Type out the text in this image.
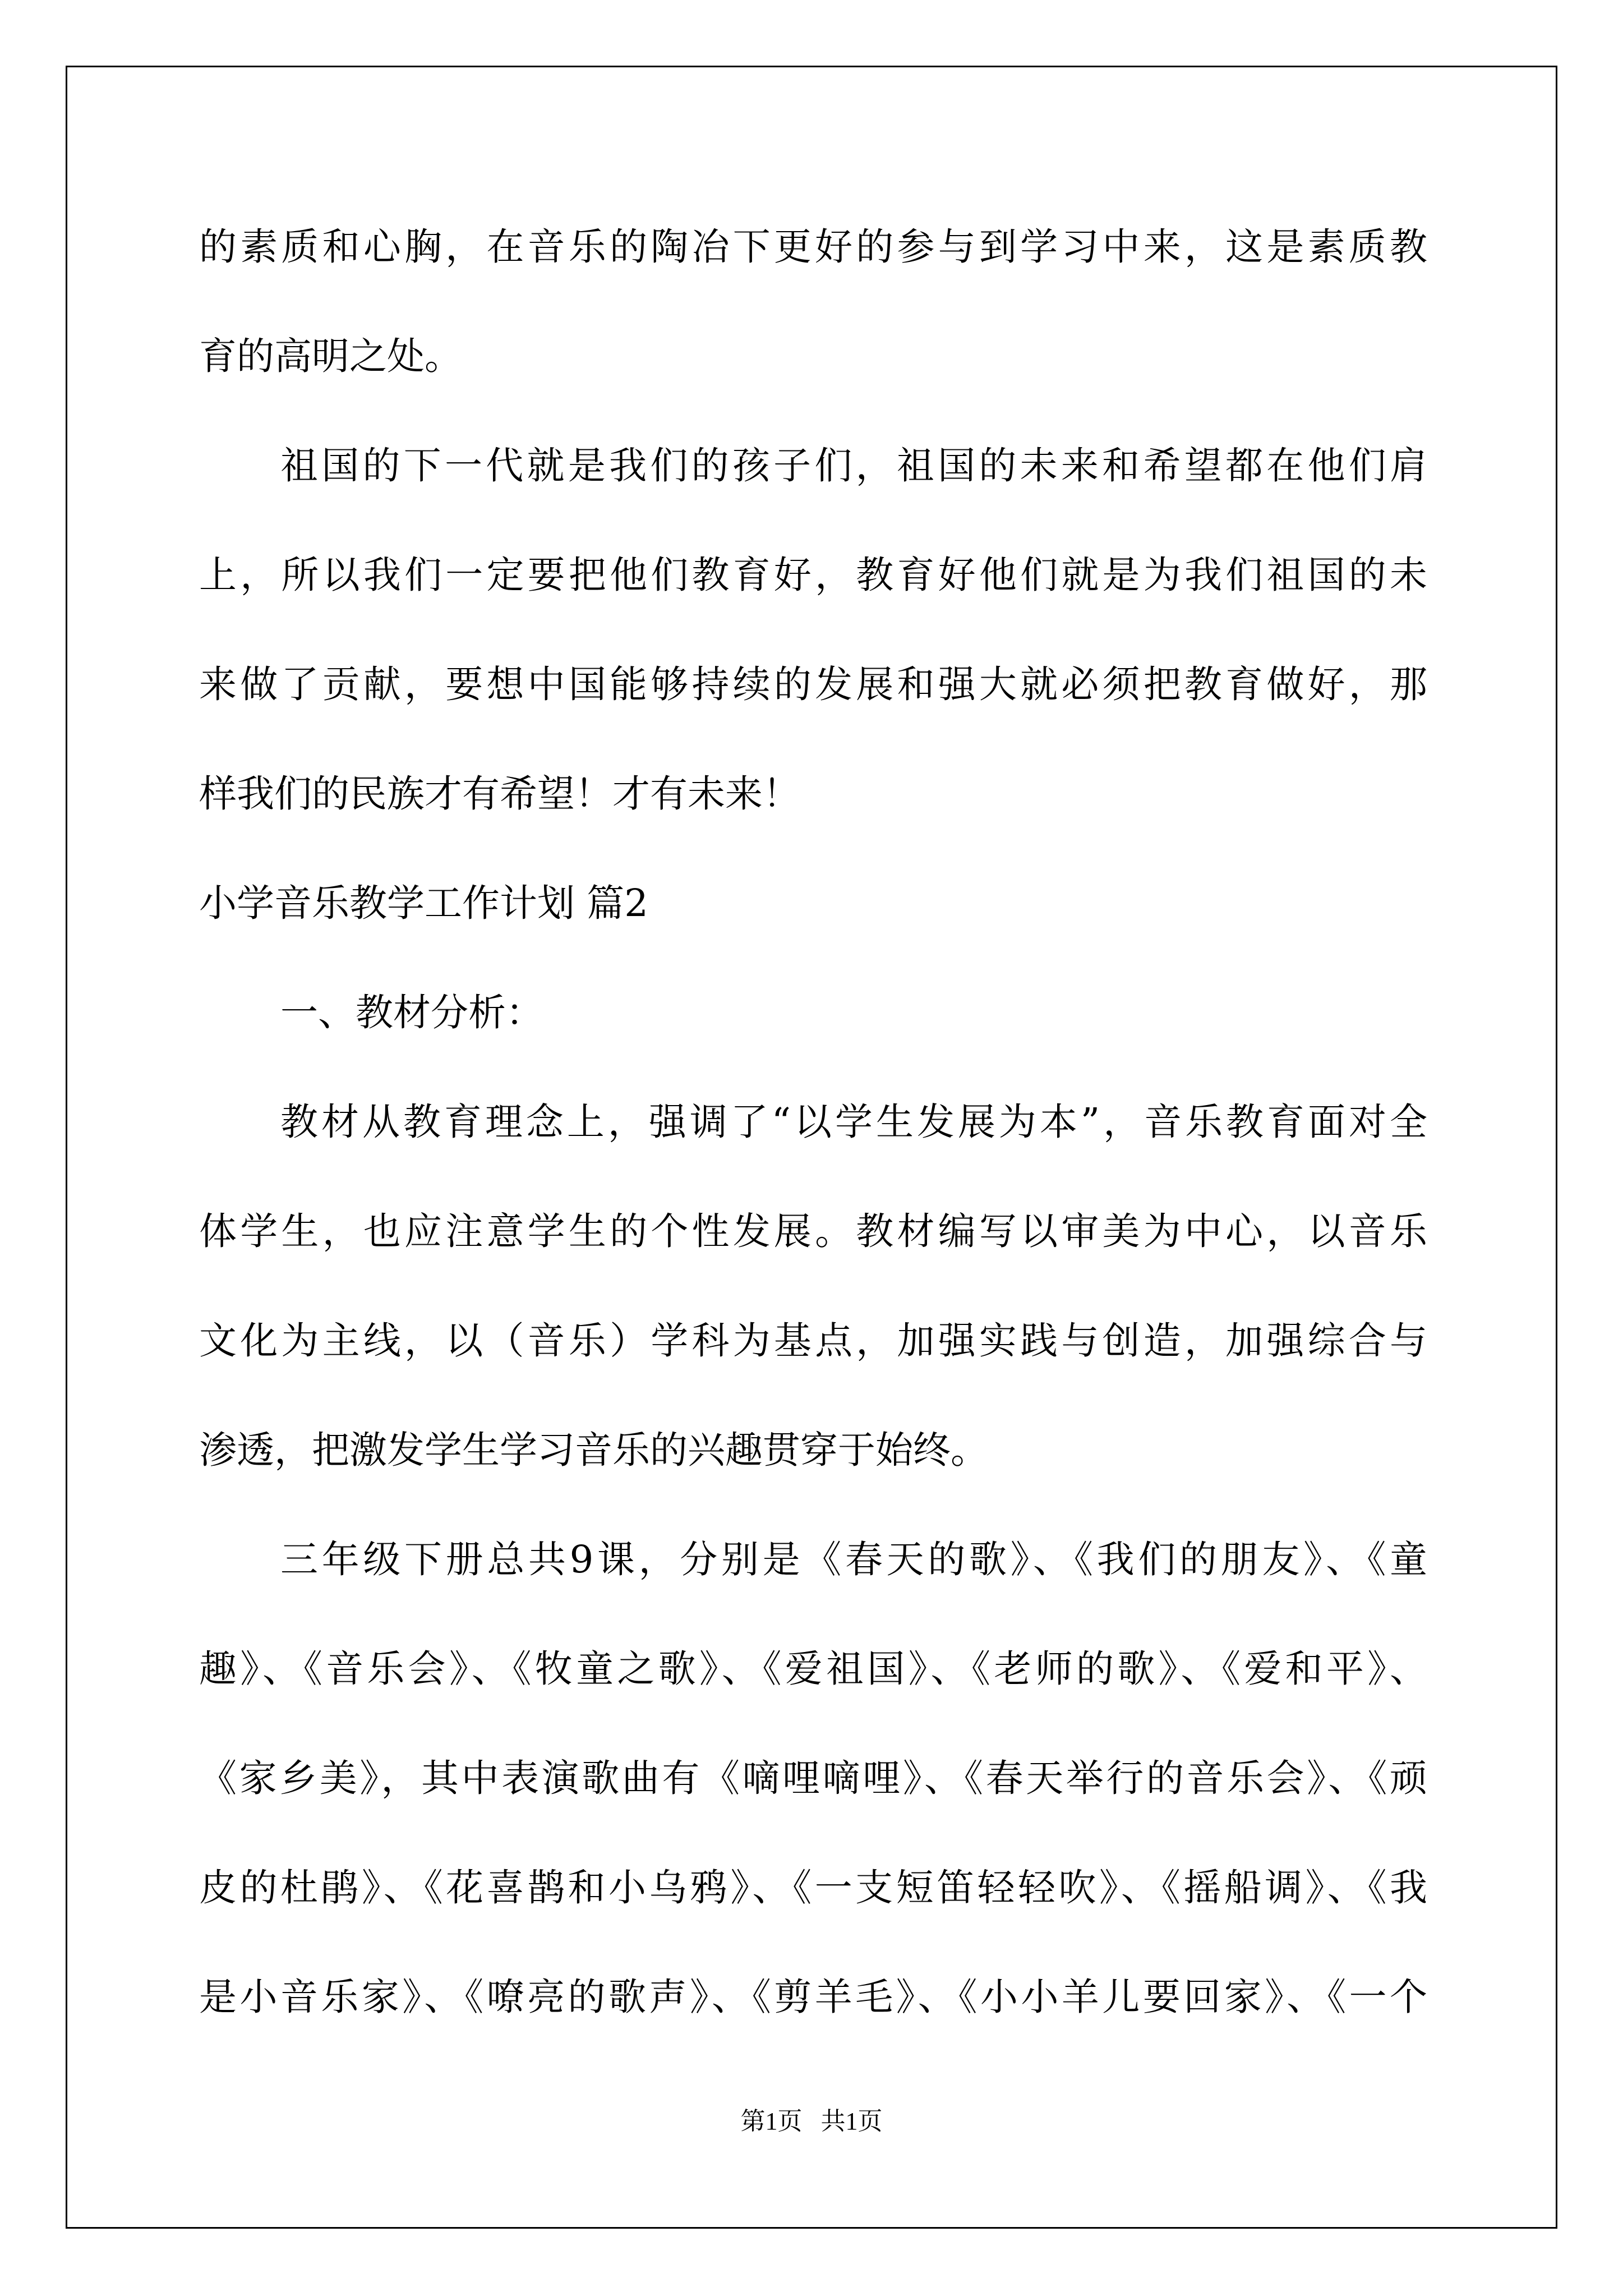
的素质和心胸，在音乐的陶冶下更好的参与到学习中来，这是素质教
育的高明之处。
祖国的下一代就是我们的孩子们，祖国的未来和希望都在他们肩
上，所以我们一定要把他们教育好，教育好他们就是为我们祖国的未
来做了贡献，要想中国能够持续的发展和强大就必须把教育做好，那
样我们的民族才有希望！才有未来！
小学音乐教学工作计划 篇2
一、教材分析：
教材从教育理念上，强调了“以学生发展为本”，音乐教育面对全
体学生，也应注意学生的个性发展。教材编写以审美为中心，以音乐
文化为主线，以（音乐）学科为基点，加强实践与创造，加强综合与
渗透，把激发学生学习音乐的兴趣贯穿于始终。
三年级下册总共9课，分别是《春天的歌》、《我们的朋友》、《童
趣》、《音乐会》、《牧童之歌》、《爱祖国》、《老师的歌》、《爱和平》、
《家乡美》，其中表演歌曲有《嘀哩嘀哩》、《春天举行的音乐会》、《顽
皮的杜鹃》、《花喜鹊和小乌鸦》、《一支短笛轻轻吹》、《摇船调》、《我
是小音乐家》、《嘹亮的歌声》、《剪羊毛》、《小小羊儿要回家》、《一个
第1页   共1页
